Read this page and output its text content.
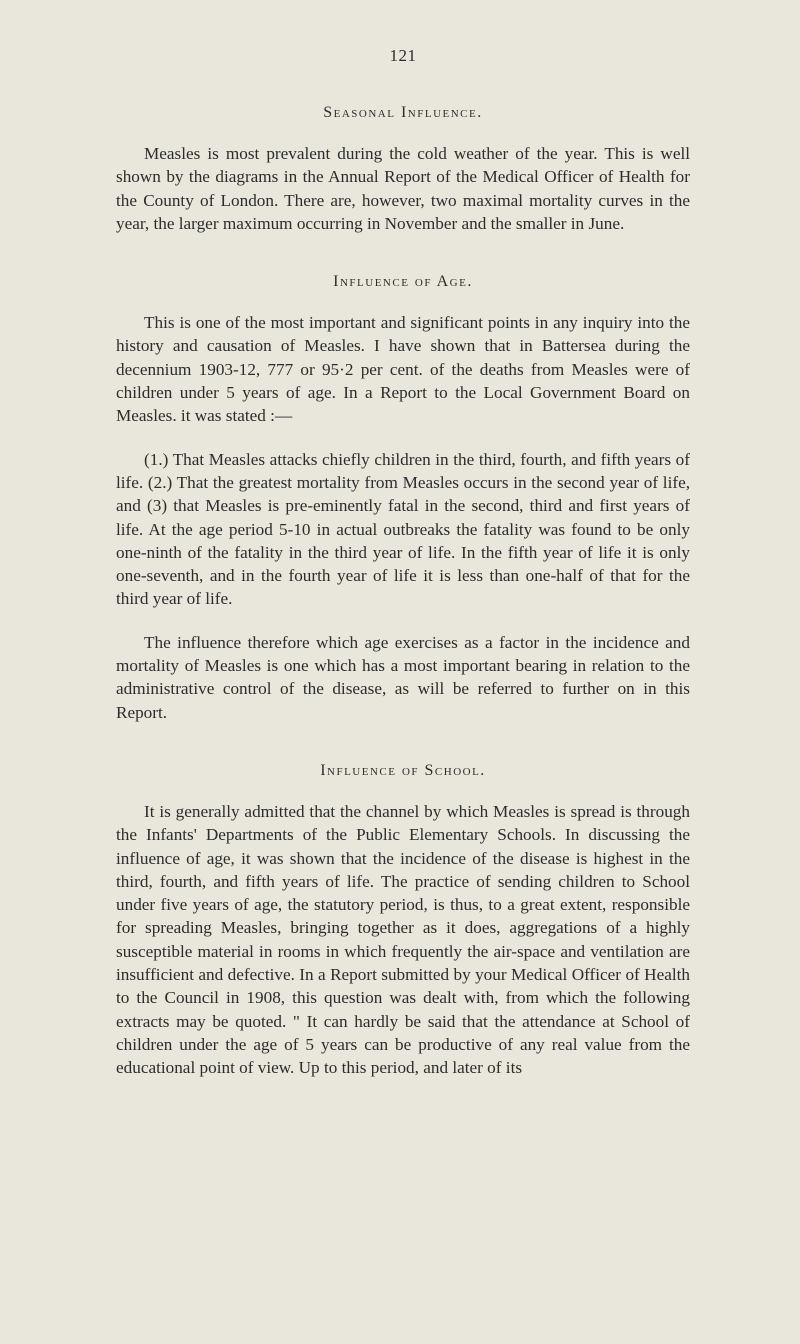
121

Seasonal Influence.

Measles is most prevalent during the cold weather of the year. This is well shown by the diagrams in the Annual Report of the Medical Officer of Health for the County of London. There are, however, two maximal mortality curves in the year, the larger maximum occurring in November and the smaller in June.

Influence of Age.

This is one of the most important and significant points in any inquiry into the history and causation of Measles. I have shown that in Battersea during the decennium 1903-12, 777 or 95·2 per cent. of the deaths from Measles were of children under 5 years of age. In a Report to the Local Government Board on Measles. it was stated :—

(1.) That Measles attacks chiefly children in the third, fourth, and fifth years of life. (2.) That the greatest mortality from Measles occurs in the second year of life, and (3) that Measles is pre-eminently fatal in the second, third and first years of life. At the age period 5-10 in actual outbreaks the fatality was found to be only one-ninth of the fatality in the third year of life. In the fifth year of life it is only one-seventh, and in the fourth year of life it is less than one-half of that for the third year of life.

The influence therefore which age exercises as a factor in the incidence and mortality of Measles is one which has a most important bearing in relation to the administrative control of the disease, as will be referred to further on in this Report.

Influence of School.

It is generally admitted that the channel by which Measles is spread is through the Infants' Departments of the Public Elementary Schools. In discussing the influence of age, it was shown that the incidence of the disease is highest in the third, fourth, and fifth years of life. The practice of sending children to School under five years of age, the statutory period, is thus, to a great extent, responsible for spreading Measles, bringing together as it does, aggregations of a highly susceptible material in rooms in which frequently the air-space and ventilation are insufficient and defective. In a Report submitted by your Medical Officer of Health to the Council in 1908, this question was dealt with, from which the following extracts may be quoted. " It can hardly be said that the attendance at School of children under the age of 5 years can be productive of any real value from the educational point of view. Up to this period, and later of its
